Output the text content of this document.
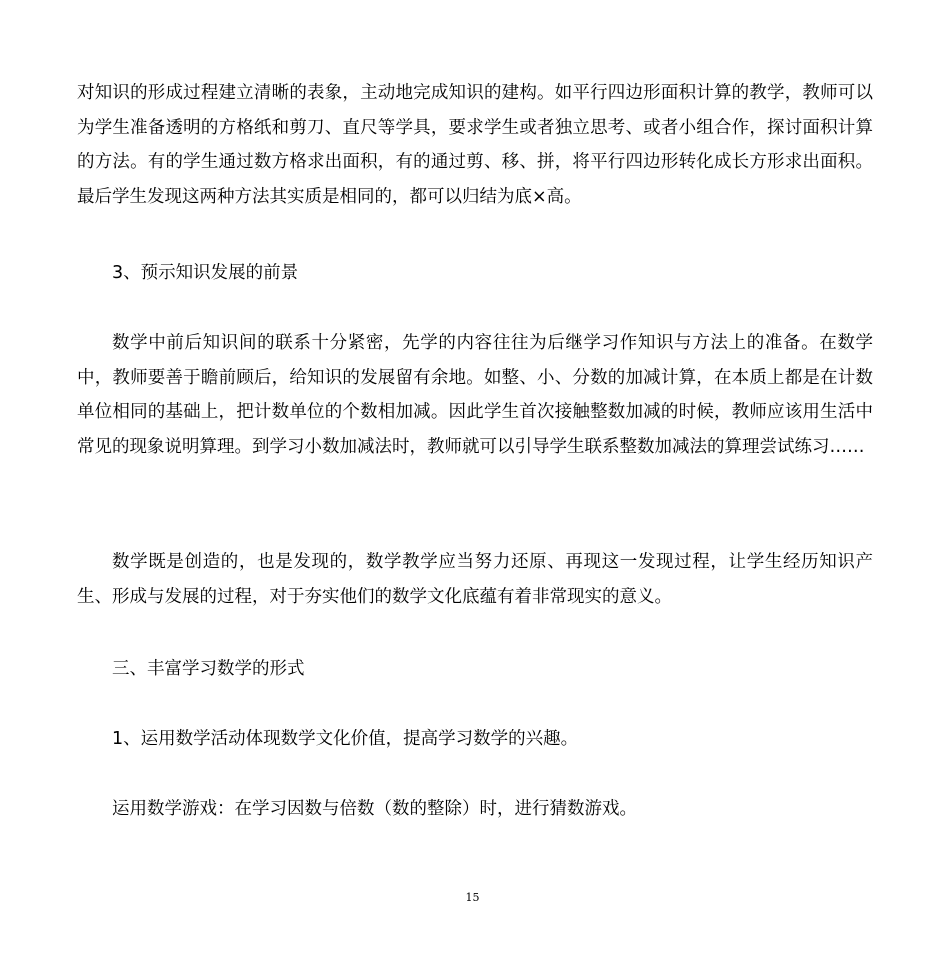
对知识的形成过程建立清晰的表象，主动地完成知识的建构。如平行四边形面积计算的教学，教师可以为学生准备透明的方格纸和剪刀、直尺等学具，要求学生或者独立思考、或者小组合作，探讨面积计算的方法。有的学生通过数方格求出面积，有的通过剪、移、拼，将平行四边形转化成长方形求出面积。最后学生发现这两种方法其实质是相同的，都可以归结为底×高。

3、预示知识发展的前景

数学中前后知识间的联系十分紧密，先学的内容往往为后继学习作知识与方法上的准备。在数学中，教师要善于瞻前顾后，给知识的发展留有余地。如整、小、分数的加减计算，在本质上都是在计数单位相同的基础上，把计数单位的个数相加减。因此学生首次接触整数加减的时候，教师应该用生活中常见的现象说明算理。到学习小数加减法时，教师就可以引导学生联系整数加减法的算理尝试练习……

数学既是创造的，也是发现的，数学教学应当努力还原、再现这一发现过程，让学生经历知识产生、形成与发展的过程，对于夯实他们的数学文化底蕴有着非常现实的意义。

三、丰富学习数学的形式

1、运用数学活动体现数学文化价值，提高学习数学的兴趣。

运用数学游戏：在学习因数与倍数（数的整除）时，进行猜数游戏。

15
